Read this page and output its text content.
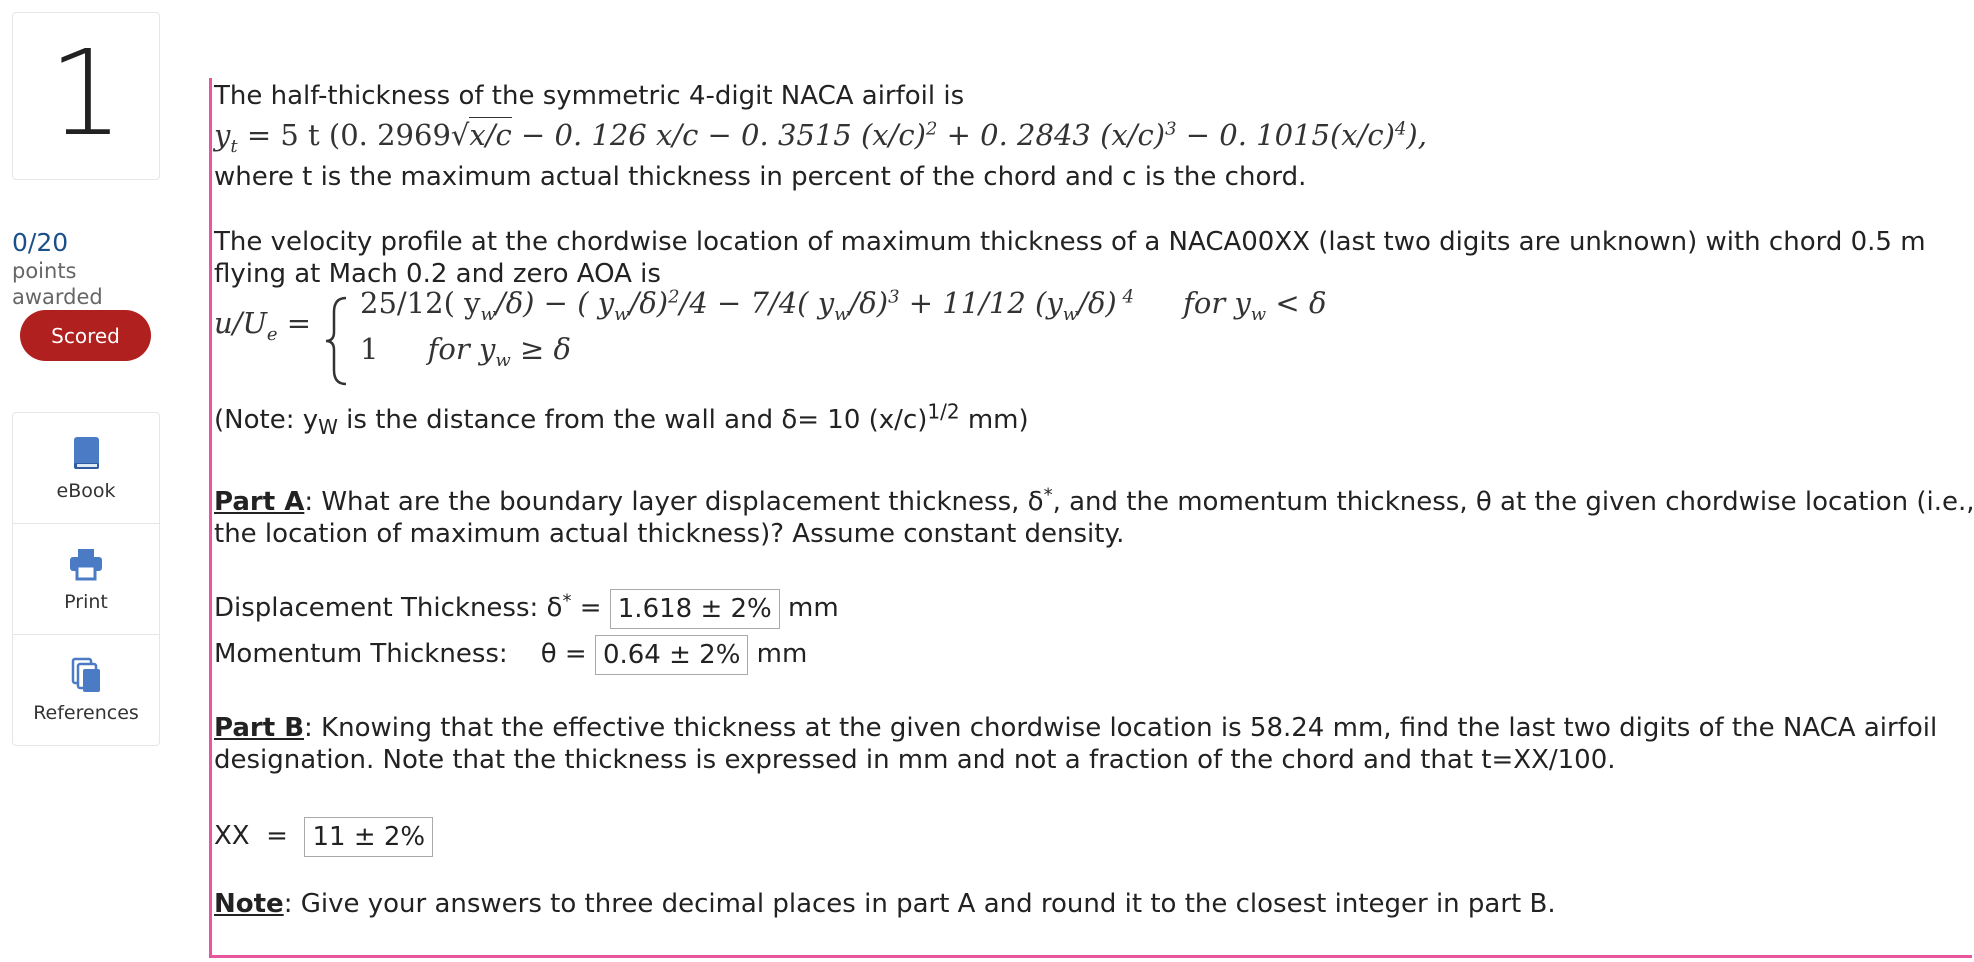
1
0/20
points awarded
Scored
eBook
Print
References
The half-thickness of the symmetric 4-digit NACA airfoil is
$y_t = 5$ t (0. 2969√x/c − 0. 126 x/c − 0. 3515 $(x/c)^2 + 0$. 2843 $(x/c)^3 - 0$. $1015(x/c)^4$),
where t is the maximum actual thickness in percent of the chord and c is the chord.
The velocity profile at the chordwise location of maximum thickness of a NACA00XX (last two digits are unknown) with chord 0.5 m
flying at Mach 0.2 and zero AOA is
$u/U_e$ =
25/12( $y_w/\delta$) − ( $y_w/\delta)^2/4 - 7/4$( $y_w/\delta)^3 + 11/12$ $(y_w/\delta)$ $^4$ for $y_w < \delta$
1 for $y_w \ge \delta$
(Note: $y_W$ is the distance from the wall and δ= 10 $(x/c)^{1/2}$ mm)
Part A: What are the boundary layer displacement thickness, δ*, and the momentum thickness, θ at the given chordwise location (i.e.,
the location of maximum actual thickness)? Assume constant density.
Displacement Thickness: δ* = 1.618 ± 2% mm
Momentum Thickness:    θ = 0.64 ± 2% mm
Part B: Knowing that the effective thickness at the given chordwise location is 58.24 mm, find the last two digits of the NACA airfoil
designation. Note that the thickness is expressed in mm and not a fraction of the chord and that t=XX/100.
XX  =  11 ± 2%
Note: Give your answers to three decimal places in part A and round it to the closest integer in part B.
